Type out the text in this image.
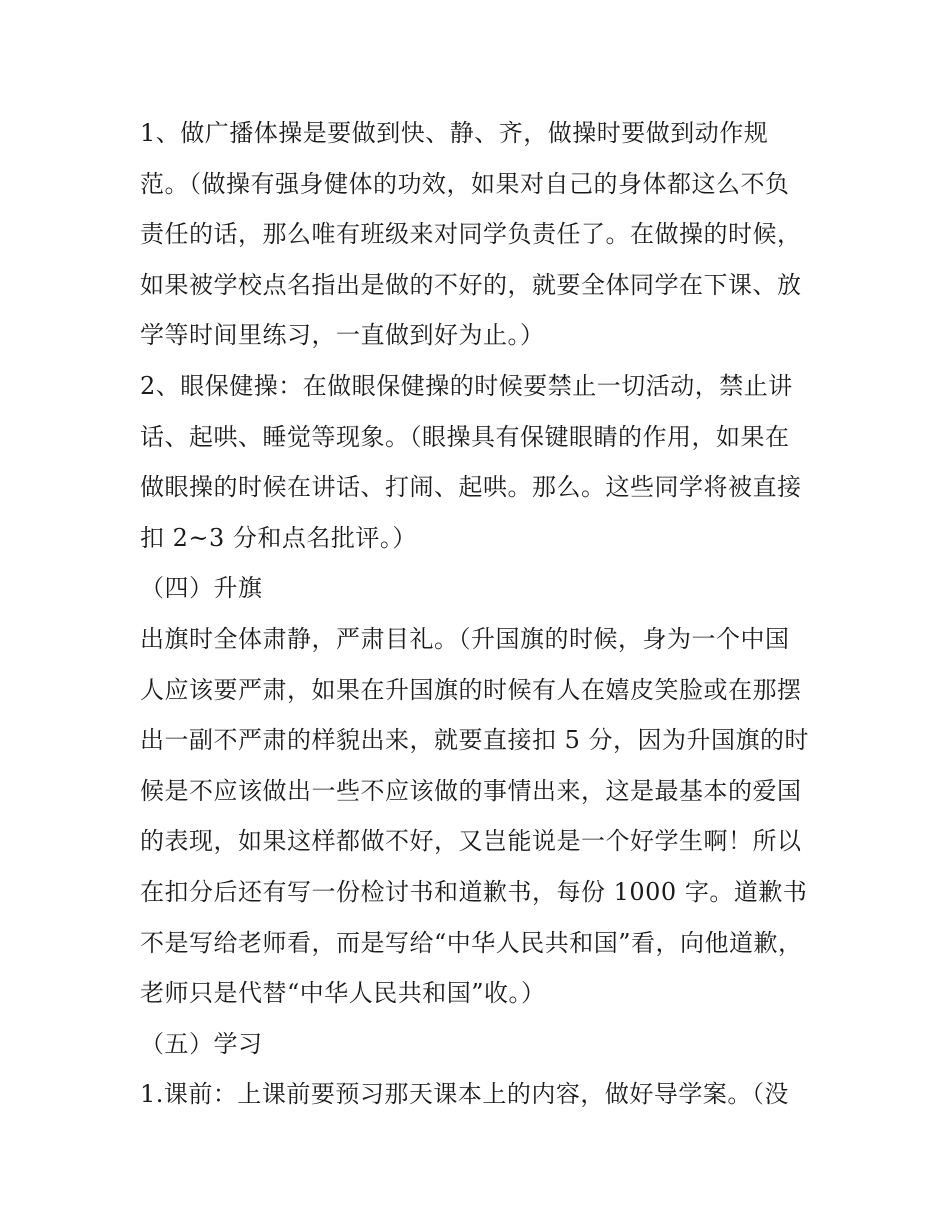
1、做广播体操是要做到快、静、齐，做操时要做到动作规
范。（做操有强身健体的功效，如果对自己的身体都这么不负
责任的话，那么唯有班级来对同学负责任了。在做操的时候，
如果被学校点名指出是做的不好的，就要全体同学在下课、放
学等时间里练习，一直做到好为止。）
2、眼保健操：在做眼保健操的时候要禁止一切活动，禁止讲
话、起哄、睡觉等现象。（眼操具有保键眼睛的作用，如果在
做眼操的时候在讲话、打闹、起哄。那么。这些同学将被直接
扣 2~3 分和点名批评。）
（四）升旗
出旗时全体肃静，严肃目礼。（升国旗的时候，身为一个中国
人应该要严肃，如果在升国旗的时候有人在嬉皮笑脸或在那摆
出一副不严肃的样貌出来，就要直接扣 5 分，因为升国旗的时
候是不应该做出一些不应该做的事情出来，这是最基本的爱国
的表现，如果这样都做不好，又岂能说是一个好学生啊！所以
在扣分后还有写一份检讨书和道歉书，每份 1000 字。道歉书
不是写给老师看，而是写给“中华人民共和国”看，向他道歉，
老师只是代替“中华人民共和国”收。）
（五）学习
1.课前：上课前要预习那天课本上的内容，做好导学案。（没
